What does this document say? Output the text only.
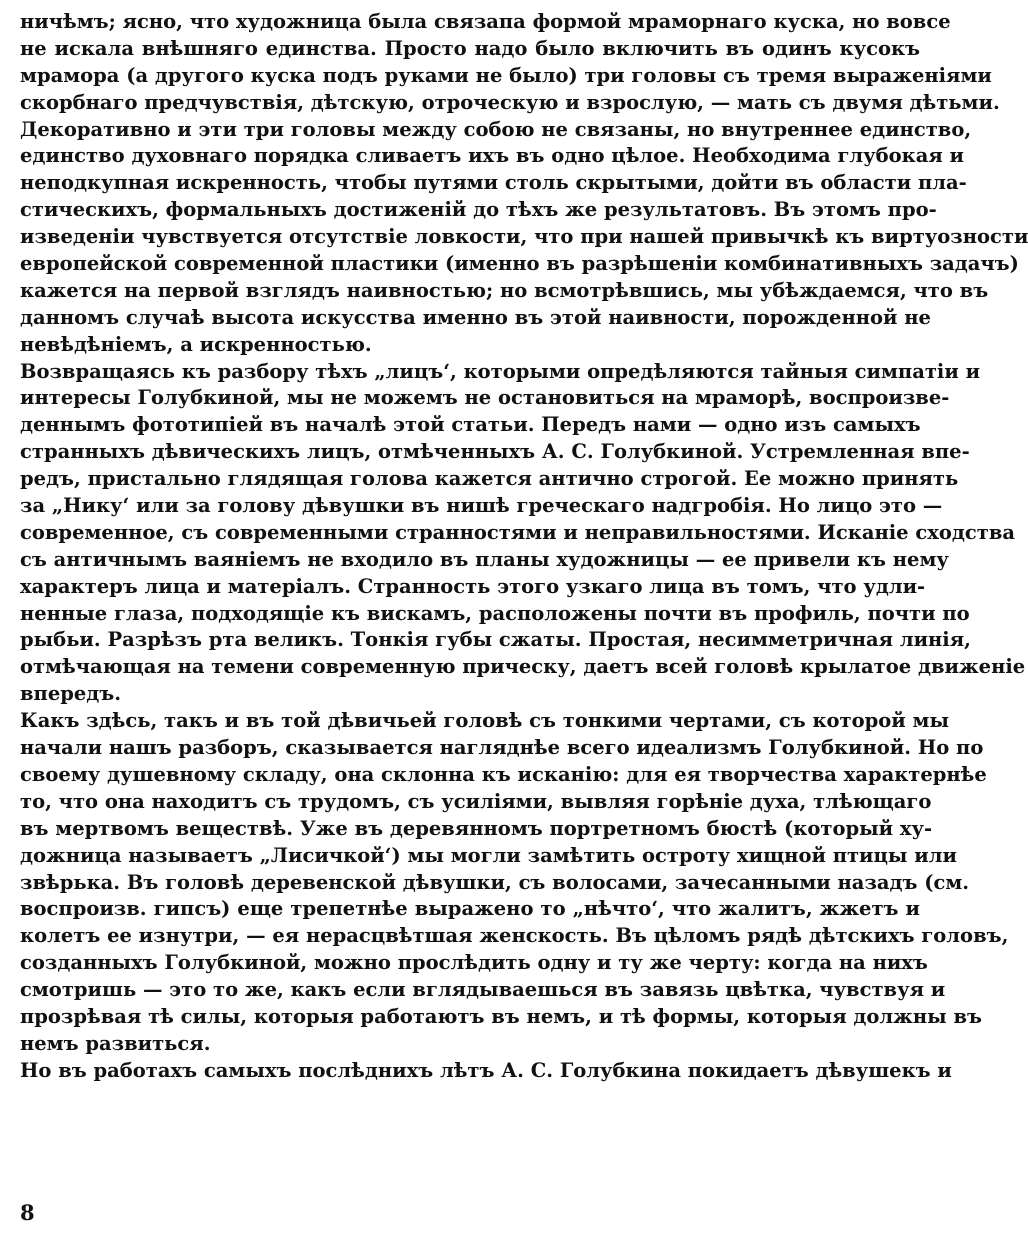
ничѣмъ; ясно, что художница была связапа формой мраморнаго куска, но вовсе
не искала внѣшняго единства. Просто надо было включить въ одинъ кусокъ
мрамора (а другого куска подъ руками не было) три головы съ тремя выраженіями
скорбнаго предчувствія, дѣтскую, отроческую и взрослую, — мать съ двумя дѣтьми.
Декоративно и эти три головы между собою не связаны, но внутреннее единство,
единство духовнаго порядка сливаетъ ихъ въ одно цѣлое. Необходима глубокая и
неподкупная искренность, чтобы путями столь скрытыми, дойти въ области пла-
стическихъ, формальныхъ достиженій до тѣхъ же результатовъ. Въ этомъ про-
изведеніи чувствуется отсутствіе ловкости, что при нашей привычкѣ къ виртуозности
европейской современной пластики (именно въ разрѣшеніи комбинативныхъ задачъ)
кажется на первой взглядъ наивностью; но всмотрѣвшись, мы убѣждаемся, что въ
данномъ случаѣ высота искусства именно въ этой наивности, порожденной не
невѣдѣніемъ, а искренностью.
Возвращаясь къ разбору тѣхъ „лицъ‘, которыми опредѣляются тайныя симпатіи и
интересы Голубкиной, мы не можемъ не остановиться на мраморѣ, воспроизве-
деннымъ фототипіей въ началѣ этой статьи. Передъ нами — одно изъ самыхъ
странныхъ дѣвическихъ лицъ, отмѣченныхъ А. С. Голубкиной. Устремленная впе-
редъ, пристально глядящая голова кажется античнo строгой. Ее можно принять
за „Нику‘ или за голову дѣвушки въ нишѣ греческаго надгробія. Но лицо это —
современное, съ современными странностями и неправильностями. Исканіе сходства
съ античнымъ ваяніемъ не входило въ планы художницы — ее привели къ нему
характеръ лица и матеріалъ. Странность этого узкаго лица въ томъ, что удли-
ненные глаза, подходящіе къ вискамъ, расположены почти въ профиль, почти по
рыбьи. Разрѣзъ рта великъ. Тонкія губы сжаты. Простая, несимметричная линія,
отмѣчающая на темени современную прическу, даетъ всей головѣ крылатое движеніе
впередъ.
Какъ здѣсь, такъ и въ той дѣвичьей головѣ съ тонкими чертами, съ которой мы
начали нашъ разборъ, сказывается нагляднѣе всего идеализмъ Голубкиной. Но по
своему душевному складу, она склонна къ исканію: для ея творчества характернѣе
то, что она находитъ съ трудомъ, съ усиліями, вывляя горѣніе духа, тлѣющаго
въ мертвомъ веществѣ. Уже въ деревянномъ портретномъ бюстѣ (который ху-
дожница называетъ „Лисичкой‘) мы могли замѣтить остроту хищной птицы или
звѣрька. Въ головѣ деревенской дѣвушки, съ волосами, зачесанными назадъ (см.
воспроизв. гипсъ) еще трепетнѣе выражено то „нѣчто‘, что жалитъ, жжетъ и
колетъ ее изнутри, — ея нерасцвѣтшая женскость. Въ цѣломъ рядѣ дѣтскихъ головъ,
созданныхъ Голубкиной, можно прослѣдить одну и ту же черту: когда на нихъ
смотришь — это то же, какъ если вглядываешься въ завязь цвѣтка, чувствуя и
прозрѣвая тѣ силы, которыя работаютъ въ немъ, и тѣ формы, которыя должны въ
немъ развиться.
Но въ работахъ самыхъ послѣднихъ лѣтъ А. С. Голубкина покидаетъ дѣвушекъ и
8
